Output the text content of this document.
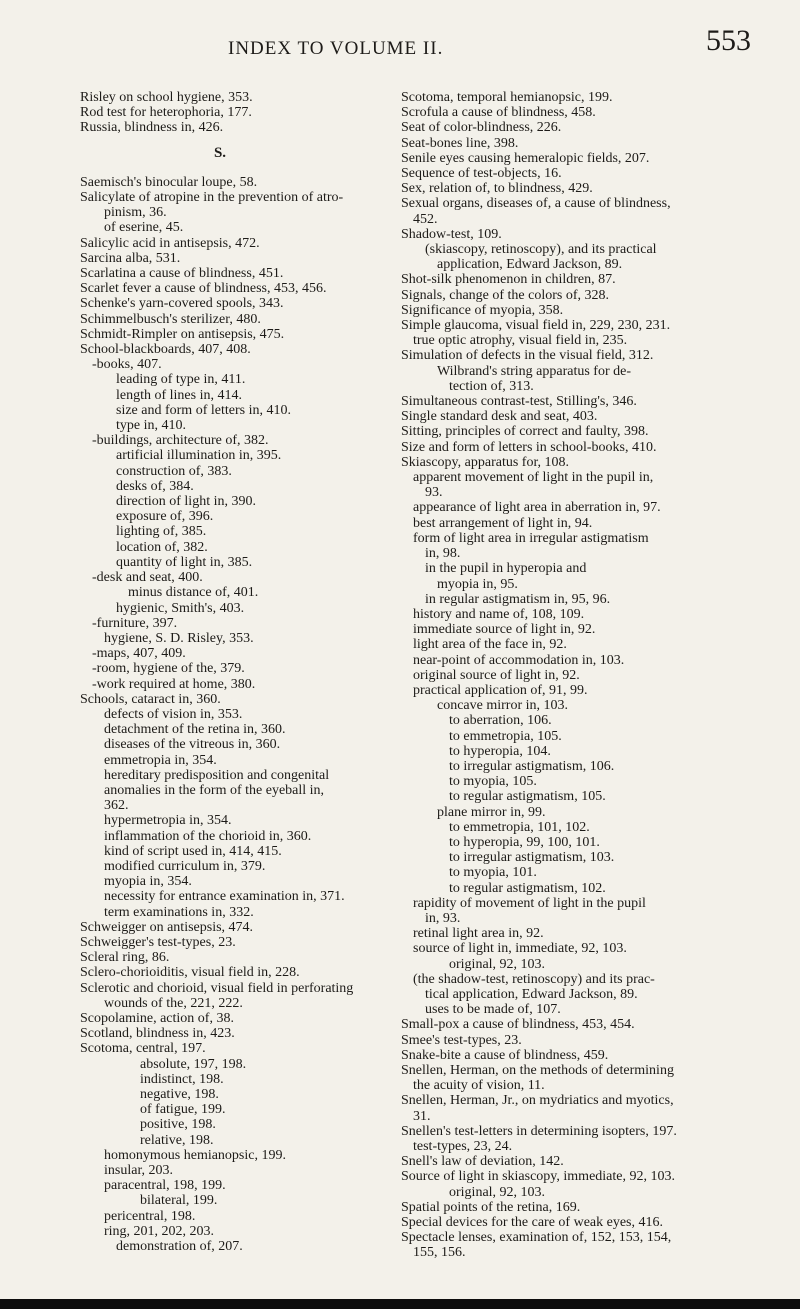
INDEX TO VOLUME II.	553
Risley on school hygiene, 353.
Rod test for heterophoria, 177.
Russia, blindness in, 426.
S.
Saemisch's binocular loupe, 58.
Salicylate of atropine in the prevention of atro-
pinism, 36.
of eserine, 45.
Salicylic acid in antisepsis, 472.
Sarcina alba, 531.
Scarlatina a cause of blindness, 451.
Scarlet fever a cause of blindness, 453, 456.
Schenke's yarn-covered spools, 343.
Schimmelbusch's sterilizer, 480.
Schmidt-Rimpler on antisepsis, 475.
School-blackboards, 407, 408.
-books, 407.
leading of type in, 411.
length of lines in, 414.
size and form of letters in, 410.
type in, 410.
-buildings, architecture of, 382.
artificial illumination in, 395.
construction of, 383.
desks of, 384.
direction of light in, 390.
exposure of, 396.
lighting of, 385.
location of, 382.
quantity of light in, 385.
-desk and seat, 400.
minus distance of, 401.
hygienic, Smith's, 403.
-furniture, 397.
hygiene, S. D. Risley, 353.
-maps, 407, 409.
-room, hygiene of the, 379.
-work required at home, 380.
Schools, cataract in, 360.
defects of vision in, 353.
detachment of the retina in, 360.
diseases of the vitreous in, 360.
emmetropia in, 354.
hereditary predisposition and congenital
anomalies in the form of the eyeball in,
362.
hypermetropia in, 354.
inflammation of the chorioid in, 360.
kind of script used in, 414, 415.
modified curriculum in, 379.
myopia in, 354.
necessity for entrance examination in, 371.
term examinations in, 332.
Schweigger on antisepsis, 474.
Schweigger's test-types, 23.
Scleral ring, 86.
Sclero-chorioiditis, visual field in, 228.
Sclerotic and chorioid, visual field in perforating
wounds of the, 221, 222.
Scopolamine, action of, 38.
Scotland, blindness in, 423.
Scotoma, central, 197.
absolute, 197, 198.
indistinct, 198.
negative, 198.
of fatigue, 199.
positive, 198.
relative, 198.
homonymous hemianopsic, 199.
insular, 203.
paracentral, 198, 199.
bilateral, 199.
pericentral, 198.
ring, 201, 202, 203.
demonstration of, 207.
Scotoma, temporal hemianopsic, 199.
Scrofula a cause of blindness, 458.
Seat of color-blindness, 226.
Seat-bones line, 398.
Senile eyes causing hemeralopic fields, 207.
Sequence of test-objects, 16.
Sex, relation of, to blindness, 429.
Sexual organs, diseases of, a cause of blindness,
452.
Shadow-test, 109.
(skiascopy, retinoscopy), and its practical
application, Edward Jackson, 89.
Shot-silk phenomenon in children, 87.
Signals, change of the colors of, 328.
Significance of myopia, 358.
Simple glaucoma, visual field in, 229, 230, 231.
true optic atrophy, visual field in, 235.
Simulation of defects in the visual field, 312.
Wilbrand's string apparatus for de-
tection of, 313.
Simultaneous contrast-test, Stilling's, 346.
Single standard desk and seat, 403.
Sitting, principles of correct and faulty, 398.
Size and form of letters in school-books, 410.
Skiascopy, apparatus for, 108.
apparent movement of light in the pupil in,
93.
appearance of light area in aberration in, 97.
best arrangement of light in, 94.
form of light area in irregular astigmatism
in, 98.
in the pupil in hyperopia and
myopia in, 95.
in regular astigmatism in, 95, 96.
history and name of, 108, 109.
immediate source of light in, 92.
light area of the face in, 92.
near-point of accommodation in, 103.
original source of light in, 92.
practical application of, 91, 99.
concave mirror in, 103.
to aberration, 106.
to emmetropia, 105.
to hyperopia, 104.
to irregular astigmatism, 106.
to myopia, 105.
to regular astigmatism, 105.
plane mirror in, 99.
to emmetropia, 101, 102.
to hyperopia, 99, 100, 101.
to irregular astigmatism, 103.
to myopia, 101.
to regular astigmatism, 102.
rapidity of movement of light in the pupil
in, 93.
retinal light area in, 92.
source of light in, immediate, 92, 103.
original, 92, 103.
(the shadow-test, retinoscopy) and its prac-
tical application, Edward Jackson, 89.
uses to be made of, 107.
Small-pox a cause of blindness, 453, 454.
Smee's test-types, 23.
Snake-bite a cause of blindness, 459.
Snellen, Herman, on the methods of determining
the acuity of vision, 11.
Snellen, Herman, Jr., on mydriatics and myotics,
31.
Snellen's test-letters in determining isopters, 197.
test-types, 23, 24.
Snell's law of deviation, 142.
Source of light in skiascopy, immediate, 92, 103.
original, 92, 103.
Spatial points of the retina, 169.
Special devices for the care of weak eyes, 416.
Spectacle lenses, examination of, 152, 153, 154,
155, 156.
